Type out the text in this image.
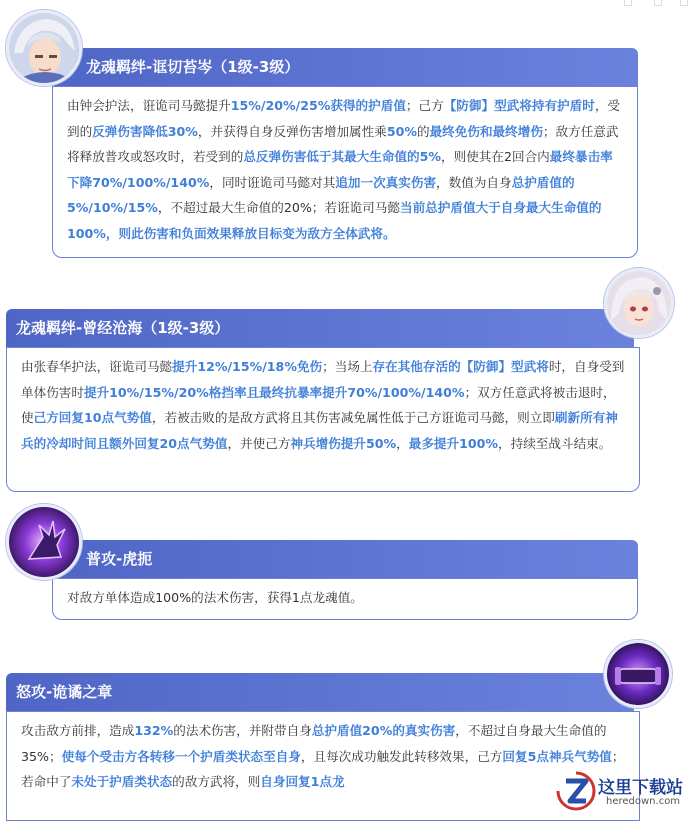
龙魂羁绊-诓切苔岑（1级-3级）
由钟会护法，诳诡司马懿提升15%/20%/25%获得的护盾值；己方【防御】型武将持有护盾时，受到的反弹伤害降低30%，并获得自身反弹伤害增加属性乘50%的最终免伤和最终增伤；敌方任意武将释放普攻或怒攻时，若受到的总反弹伤害低于其最大生命值的5%，则使其在2回合内最终暴击率下降70%/100%/140%，同时诳诡司马懿对其追加一次真实伤害，数值为自身总护盾值的5%/10%/15%，不超过最大生命值的20%；若诳诡司马懿当前总护盾值大于自身最大生命值的100%，则此伤害和负面效果释放目标变为敌方全体武将。
龙魂羁绊-曾经沧海（1级-3级）
由张春华护法，诳诡司马懿提升12%/15%/18%免伤；当场上存在其他存活的【防御】型武将时，自身受到单体伤害时提升10%/15%/20%格挡率且最终抗暴率提升70%/100%/140%；双方任意武将被击退时，使己方回复10点气势值，若被击败的是敌方武将且其伤害减免属性低于己方诳诡司马懿，则立即刷新所有神兵的冷却时间且额外回复20点气势值，并使己方神兵增伤提升50%，最多提升100%，持续至战斗结束。
普攻-虎扼
对敌方单体造成100%的法术伤害，获得1点龙魂值。
怒攻-诡谲之章
攻击敌方前排，造成132%的法术伤害，并附带自身总护盾值20%的真实伤害，不超过自身最大生命值的35%；使每个受击方各转移一个护盾类状态至自身，且每次成功触发此转移效果，己方回复5点神兵气势值；若命中了未处于护盾类状态的敌方武将，则自身回复1点龙	这里下载站
heredown.com
